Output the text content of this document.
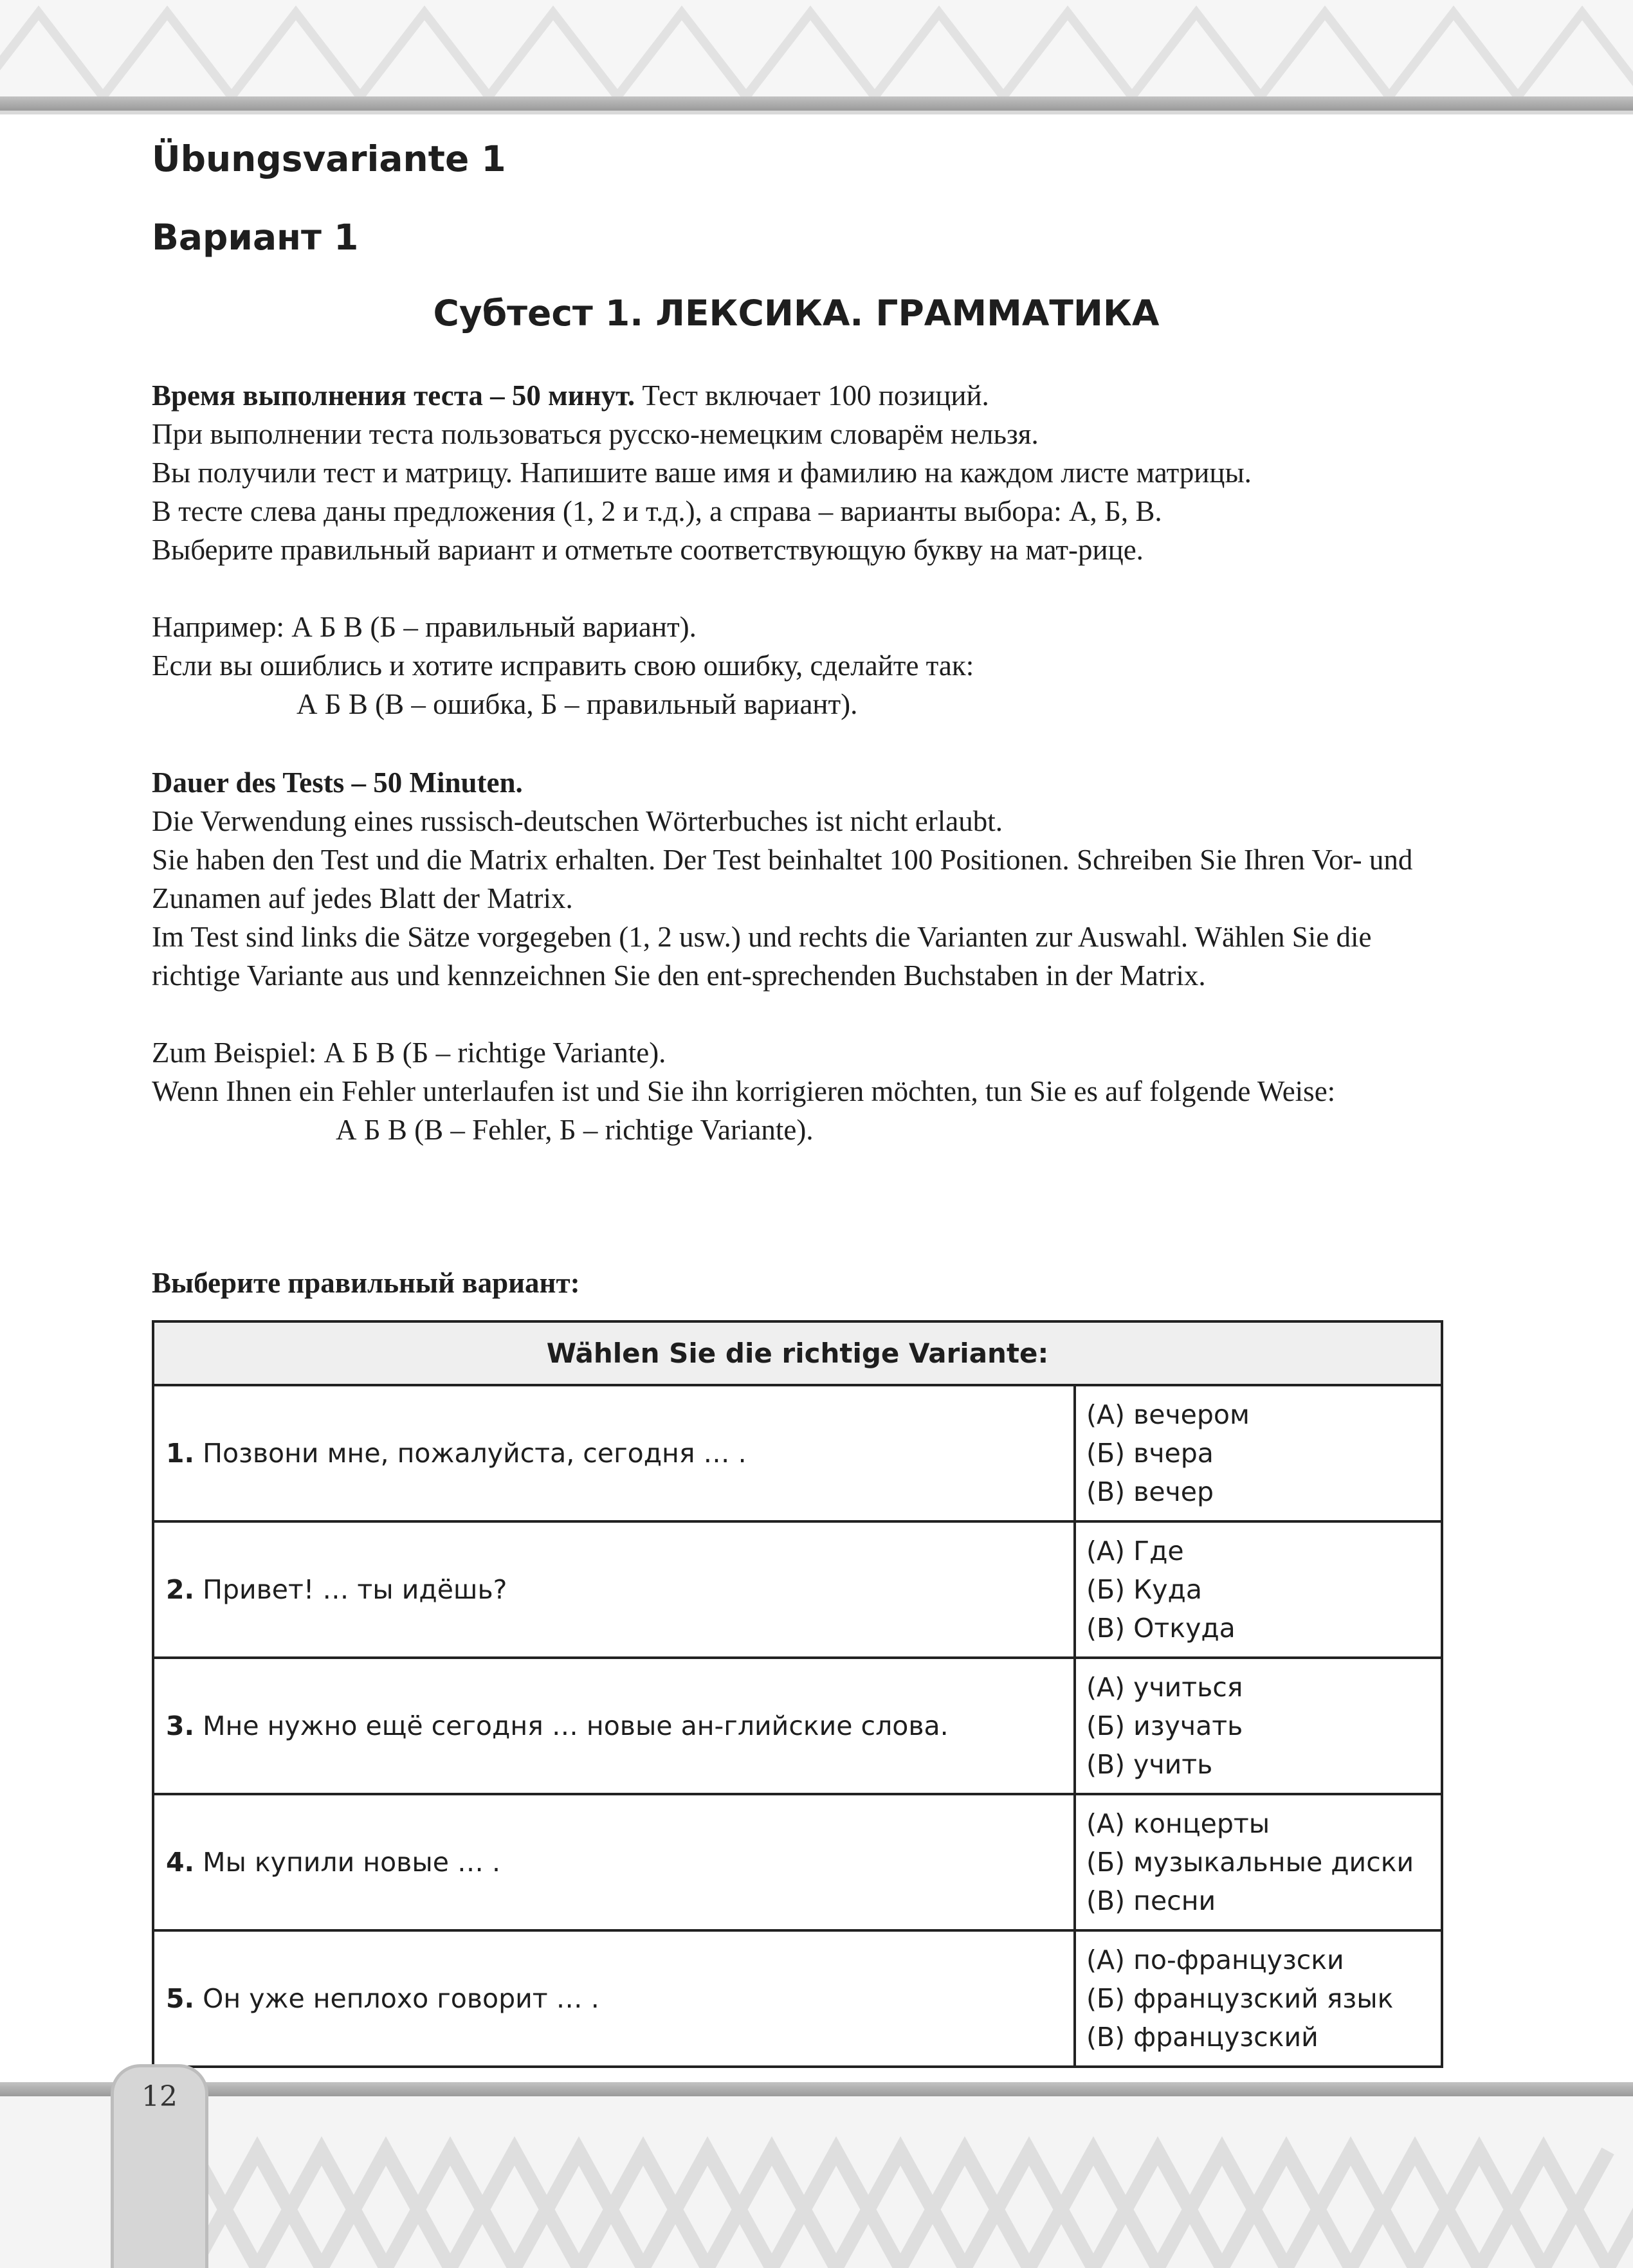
Übungsvariante 1
Вариант 1
Субтест 1. ЛЕКСИКА. ГРАММАТИКА

Время выполнения теста – 50 минут. Тест включает 100 позиций.

При выполнении теста пользоваться русско-немецким словарём нельзя.

Вы получили тест и матрицу. Напишите ваше имя и фамилию на каждом листе матрицы.

В тесте слева даны предложения (1, 2 и т.д.), а справа – варианты выбора: А, Б, В.

Выберите правильный вариант и отметьте соответствующую букву на мат-рице.

Например: А Б В (Б – правильный вариант).

Если вы ошиблись и хотите исправить свою ошибку, сделайте так:

А Б В (В – ошибка, Б – правильный вариант).

Dauer des Tests – 50 Minuten.

Die Verwendung eines russisch-deutschen Wörterbuches ist nicht erlaubt.

Sie haben den Test und die Matrix erhalten. Der Test beinhaltet 100 Positionen. Schreiben Sie Ihren Vor- und Zunamen auf jedes Blatt der Matrix.

Im Test sind links die Sätze vorgegeben (1, 2 usw.) und rechts die Varianten zur Auswahl. Wählen Sie die richtige Variante aus und kennzeichnen Sie den ent-sprechenden Buchstaben in der Matrix.

Zum Beispiel: А Б В (Б – richtige Variante).

Wenn Ihnen ein Fehler unterlaufen ist und Sie ihn korrigieren möchten, tun Sie es auf folgende Weise:

А Б В (В – Fehler, Б – richtige Variante).

Выберите правильный вариант:

Wählen Sie die richtige Variante:	
1. Позвони мне, пожалуйста, сегодня … .	(А) вечером
(Б) вчера
(В) вечер

2. Привет! … ты идёшь?	(А) Где
(Б) Куда
(В) Откуда

3. Мне нужно ещё сегодня … новые ан-глийские слова.	(А) учиться
(Б) изучать
(В) учить

4. Мы купили новые … .	(А) концерты
(Б) музыкальные диски
(В) песни

5. Он уже неплохо говорит … .	(А) по-французски
(Б) французский язык
(В) французский
12
